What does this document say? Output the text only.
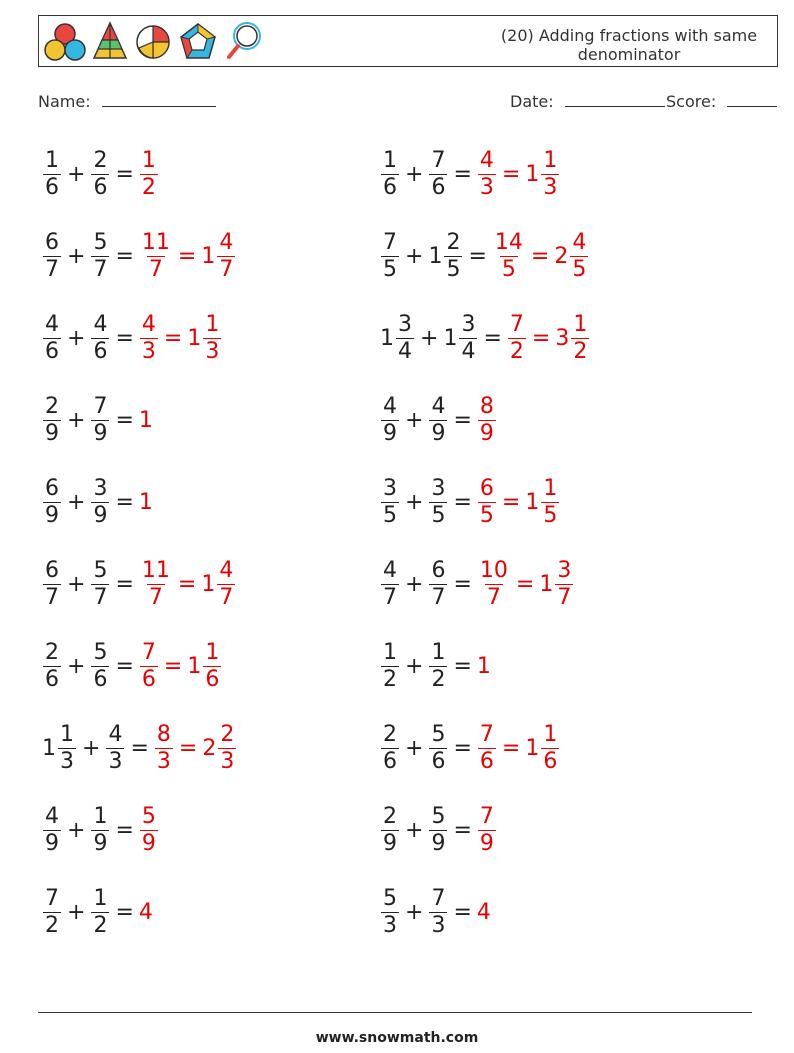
(20) Adding fractions with same denominator
Name:	Date:	Score:
$\frac{1}{6} + \frac{2}{6} = \frac{1}{2}$
$\frac{6}{7} + \frac{5}{7} = \frac{11}{7} = 1 \frac{4}{7}$
$\frac{4}{6} + \frac{4}{6} = \frac{4}{3} = 1 \frac{1}{3}$
$\frac{2}{9} + \frac{7}{9} = 1$
$\frac{6}{9} + \frac{3}{9} = 1$
$\frac{6}{7} + \frac{5}{7} = \frac{11}{7} = 1 \frac{4}{7}$
$\frac{2}{6} + \frac{5}{6} = \frac{7}{6} = 1 \frac{1}{6}$
$1 \frac{1}{3} + \frac{4}{3} = \frac{8}{3} = 2 \frac{2}{3}$
$\frac{4}{9} + \frac{1}{9} = \frac{5}{9}$
$\frac{7}{2} + \frac{1}{2} = 4$
$\frac{1}{6} + \frac{7}{6} = \frac{4}{3} = 1 \frac{1}{3}$
$\frac{7}{5} + 1 \frac{2}{5} = \frac{14}{5} = 2 \frac{4}{5}$
$1 \frac{3}{4} + 1 \frac{3}{4} = \frac{7}{2} = 3 \frac{1}{2}$
$\frac{4}{9} + \frac{4}{9} = \frac{8}{9}$
$\frac{3}{5} + \frac{3}{5} = \frac{6}{5} = 1 \frac{1}{5}$
$\frac{4}{7} + \frac{6}{7} = \frac{10}{7} = 1 \frac{3}{7}$
$\frac{1}{2} + \frac{1}{2} = 1$
$\frac{2}{6} + \frac{5}{6} = \frac{7}{6} = 1 \frac{1}{6}$
$\frac{2}{9} + \frac{5}{9} = \frac{7}{9}$
$\frac{5}{3} + \frac{7}{3} = 4$
www.snowmath.com
